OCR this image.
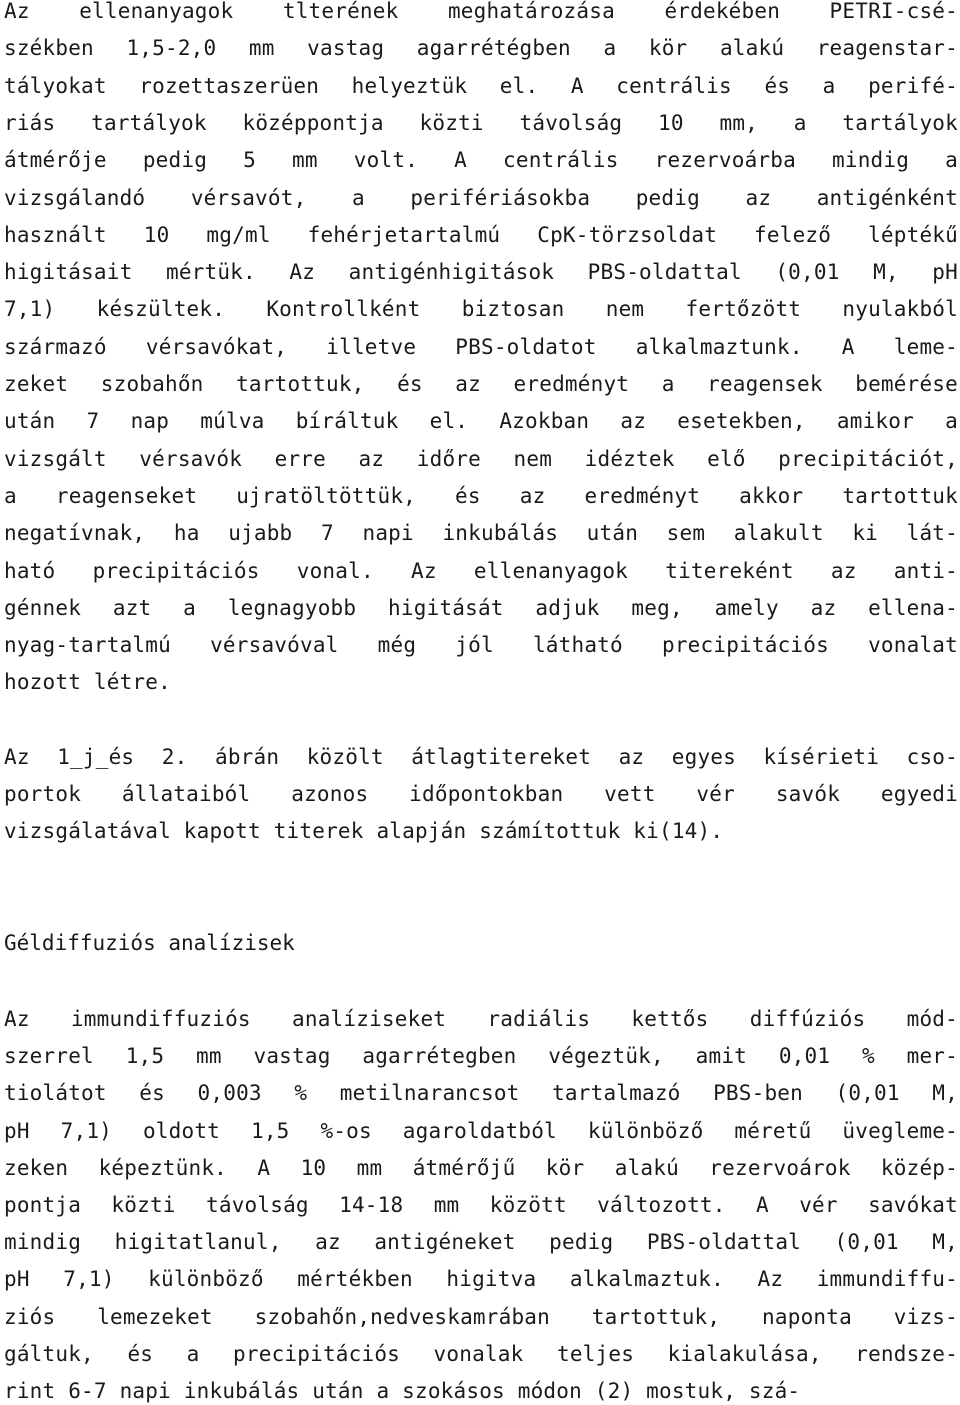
Az ellenanyagok tlterének meghatározása érdekében PETRI-csé-
székben 1,5-2,0 mm vastag agarrétégben a kör alakú reagenstar-
tályokat rozettaszerüen helyeztük el. A centrális és a perifé-
riás tartályok középpontja közti távolság 10 mm, a tartályok
átmérője pedig 5 mm volt. A centrális rezervoárba mindig a
vizsgálandó vérsavót, a perifériásokba pedig az antigénként
használt 10 mg/ml fehérjetartalmú CpK-törzsoldat felező léptékű
higitásait mértük. Az antigénhigitások PBS-oldattal (0,01 M, pH
7,1) készültek. Kontrollként biztosan nem fertőzött nyulakból
származó vérsavókat, illetve PBS-oldatot alkalmaztunk. A leme-
zeket szobahőn tartottuk, és az eredményt a reagensek bemérése
után 7 nap múlva bíráltuk el. Azokban az esetekben, amikor a
vizsgált vérsavók erre az időre nem idéztek elő precipitációt,
a reagenseket ujratöltöttük, és az eredményt akkor tartottuk
negatívnak, ha ujabb 7 napi inkubálás után sem alakult ki lát-
ható precipitációs vonal. Az ellenanyagok titereként az anti-
génnek azt a legnagyobb higitását adjuk meg, amely az ellena-
nyag-tartalmú vérsavóval még jól látható precipitációs vonalat
hozott létre.
Az 1_j_és 2. ábrán közölt átlagtitereket az egyes kísérieti cso-
portok állataiból azonos időpontokban vett vér savók egyedi
vizsgálatával kapott titerek alapján számítottuk ki(14).
Géldiffuziós analízisek
Az immundiffuziós analíziseket radiális kettős diffúziós mód-
szerrel 1,5 mm vastag agarrétegben végeztük, amit 0,01 % mer-
tiolátot és 0,003 % metilnarancsot tartalmazó PBS-ben (0,01 M,
pH 7,1) oldott 1,5 %-os agaroldatból különböző méretű üvegleme-
zeken képeztünk. A 10 mm átmérőjű kör alakú rezervoárok közép-
pontja közti távolság 14-18 mm között változott. A vér savókat
mindig higitatlanul, az antigéneket pedig PBS-oldattal (0,01 M,
pH 7,1) különböző mértékben higitva alkalmaztuk. Az immundiffu-
ziós lemezeket szobahőn,nedveskamrában tartottuk, naponta vizs-
gáltuk, és a precipitációs vonalak teljes kialakulása, rendsze-
rint 6-7 napi inkubálás után a szokásos módon (2) mostuk, szá-
